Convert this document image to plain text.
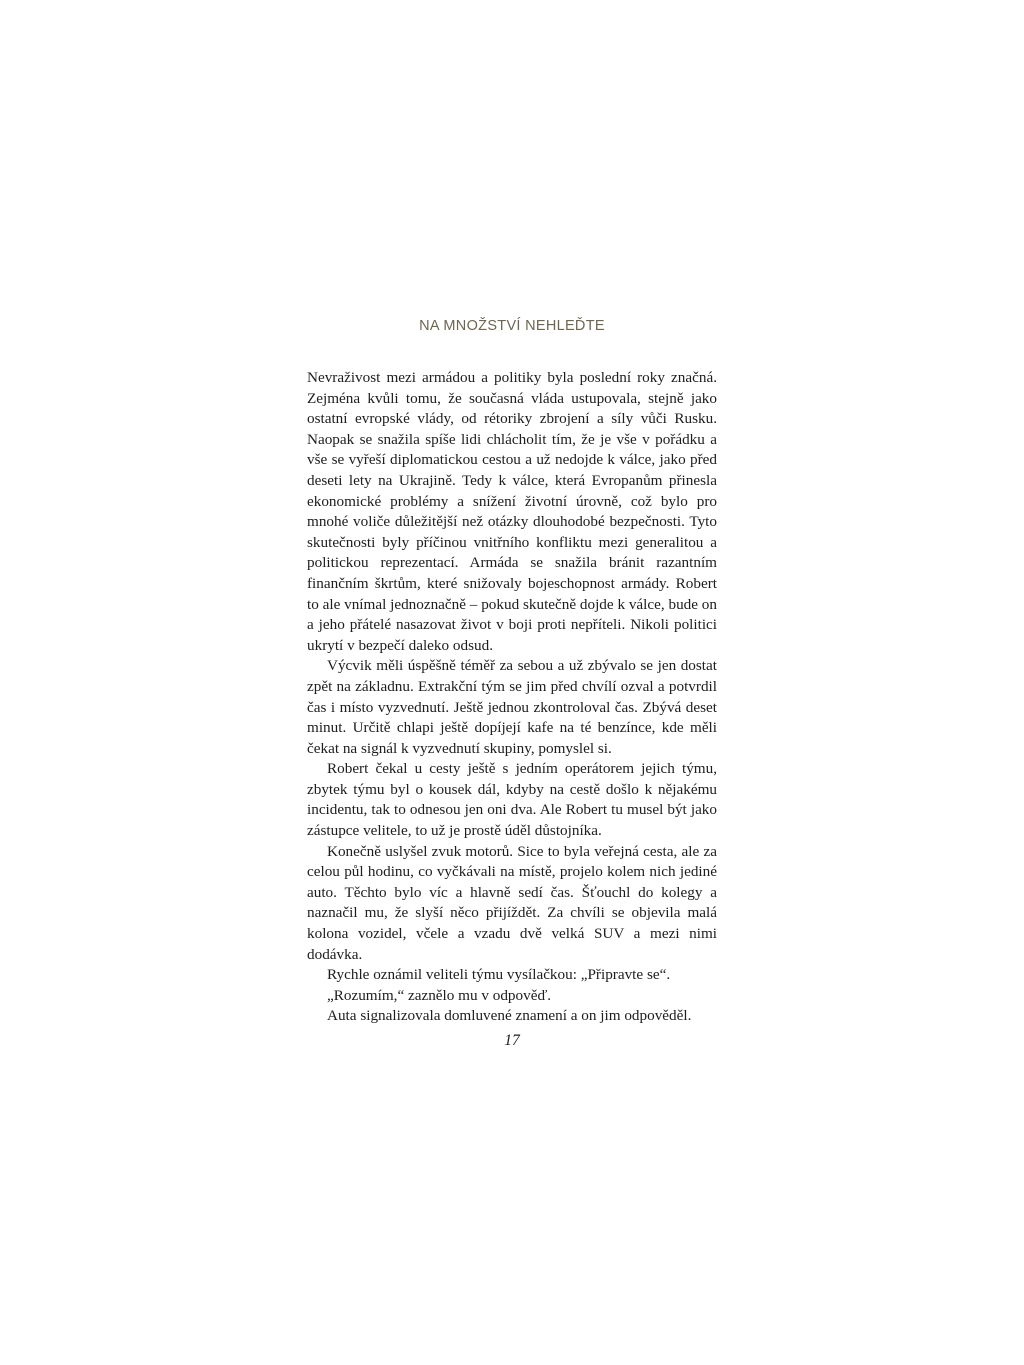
NA MNOŽSTVÍ NEHLEĎTE

Nevraživost mezi armádou a politiky byla poslední roky značná. Zejména kvůli tomu, že současná vláda ustupovala, stejně jako ostatní evropské vlády, od rétoriky zbrojení a síly vůči Rusku. Naopak se snažila spíše lidi chlácholit tím, že je vše v pořádku a vše se vyřeší diplomatickou cestou a už nedojde k válce, jako před deseti lety na Ukrajině. Tedy k válce, která Evropanům přinesla ekonomické problémy a snížení životní úrovně, což bylo pro mnohé voliče důležitější než otázky dlouhodobé bezpečnosti. Tyto skutečnosti byly příčinou vnitřního konfliktu mezi generalitou a politickou reprezentací. Armáda se snažila bránit razantním finančním škrtům, které snižovaly bojeschopnost armády. Robert to ale vnímal jednoznačně – pokud skutečně dojde k válce, bude on a jeho přátelé nasazovat život v boji proti nepříteli. Nikoli politici ukrytí v bezpečí daleko odsud.

Výcvik měli úspěšně téměř za sebou a už zbývalo se jen dostat zpět na základnu. Extrakční tým se jim před chvílí ozval a potvrdil čas i místo vyzvednutí. Ještě jednou zkontroloval čas. Zbývá deset minut. Určitě chlapi ještě dopíjejí kafe na té benzínce, kde měli čekat na signál k vyzvednutí skupiny, pomyslel si.

Robert čekal u cesty ještě s jedním operátorem jejich týmu, zbytek týmu byl o kousek dál, kdyby na cestě došlo k nějakému incidentu, tak to odnesou jen oni dva. Ale Robert tu musel být jako zástupce velitele, to už je prostě úděl důstojníka.

Konečně uslyšel zvuk motorů. Sice to byla veřejná cesta, ale za celou půl hodinu, co vyčkávali na místě, projelo kolem nich jediné auto. Těchto bylo víc a hlavně sedí čas. Šťouchl do kolegy a naznačil mu, že slyší něco přijíždět. Za chvíli se objevila malá kolona vozidel, včele a vzadu dvě velká SUV a mezi nimi dodávka.

Rychle oznámil veliteli týmu vysílačkou: „Připravte se“.

„Rozumím,“ zaznělo mu v odpověď.

Auta signalizovala domluvené znamení a on jim odpověděl.

17
